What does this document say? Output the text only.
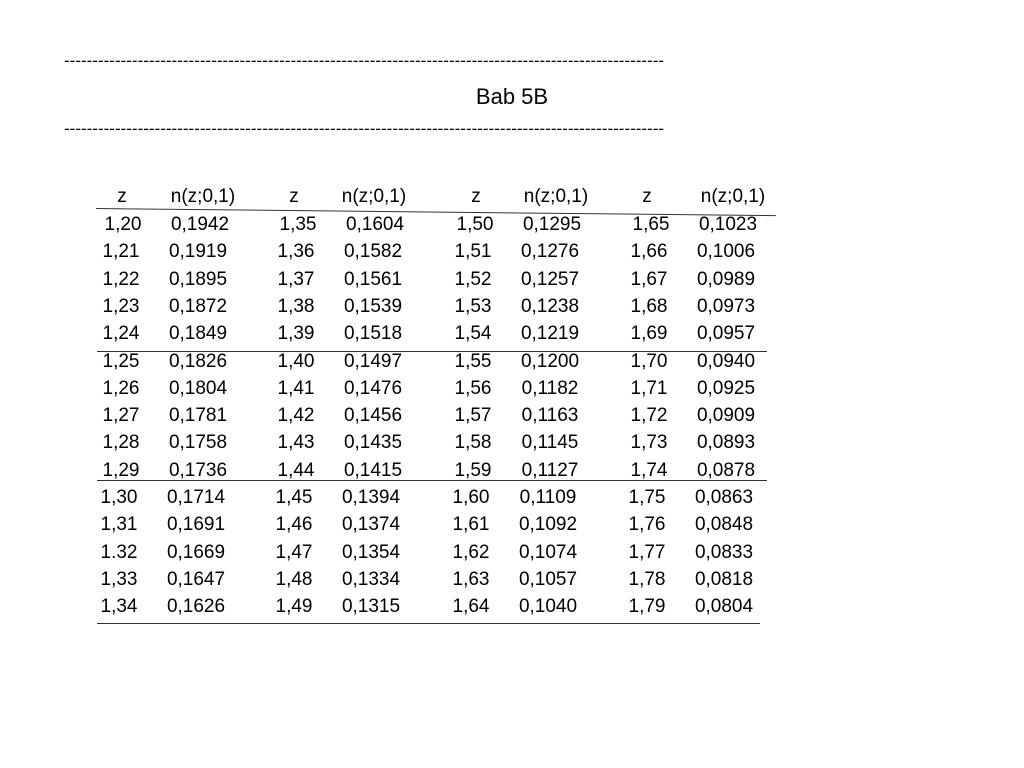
----------------------------------------------------------------------------------------------------------
Bab 5B
----------------------------------------------------------------------------------------------------------
z n(z;0,1)	z n(z;0,1)	z n(z;0,1)	z	n(z;0,1)
1,20 0,1942	1,35 0,1604	1,50 0,1295	1,65 0,1023
1,21 0,1919	1,36 0,1582	1,51 0,1276	1,66 0,1006
1,22 0,1895	1,37 0,1561	1,52 0,1257	1,67 0,0989
1,23 0,1872	1,38 0,1539	1,53 0,1238	1,68 0,0973
1,24 0,1849	1,39 0,1518	1,54 0,1219	1,69 0,0957
1,25 0,1826	1,40 0,1497	1,55 0,1200	1,70 0,0940
1,26 0,1804	1,41 0,1476	1,56 0,1182	1,71 0,0925
1,27 0,1781	1,42 0,1456	1,57 0,1163	1,72 0,0909
1,28 0,1758	1,43 0,1435	1,58 0,1145	1,73 0,0893
1,29 0,1736	1,44 0,1415	1,59 0,1127	1,74 0,0878
1,30 0,1714	1,45 0,1394	1,60 0,1109	1,75 0,0863
1,31 0,1691	1,46 0,1374	1,61 0,1092	1,76 0,0848
1.32 0,1669	1,47 0,1354	1,62 0,1074	1,77 0,0833
1,33 0,1647	1,48 0,1334	1,63 0,1057	1,78 0,0818
1,34 0,1626	1,49 0,1315	1,64 0,1040	1,79 0,0804
